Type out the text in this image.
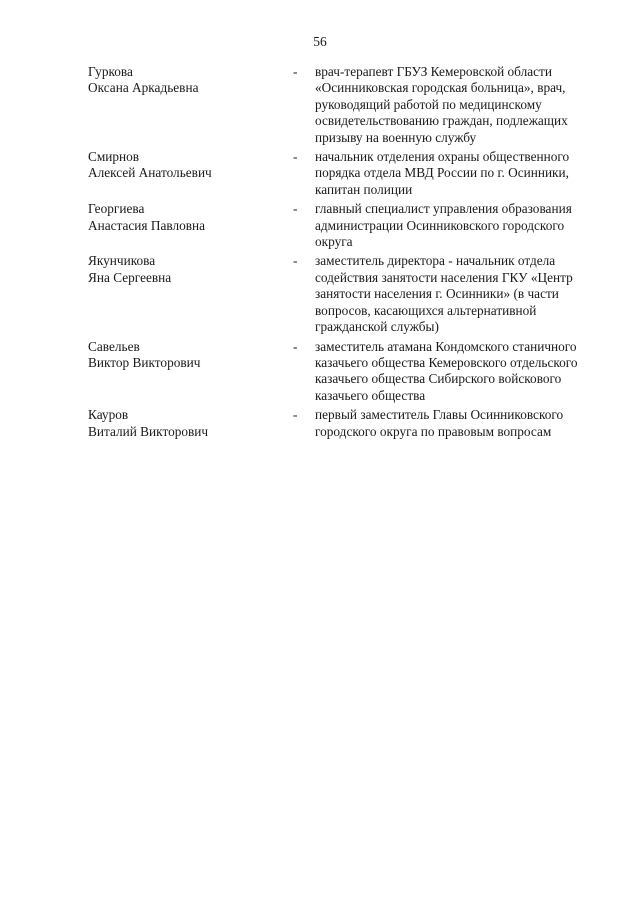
56
Гуркова
Оксана Аркадьевна	-	врач-терапевт ГБУЗ Кемеровской области «Осинниковская городская больница», врач, руководящий работой по медицинскому освидетельствованию граждан, подлежащих призыву на военную службу

Смирнов
Алексей Анатольевич	-	начальник отделения охраны общественного порядка отдела МВД России по г. Осинники, капитан полиции

Георгиева
Анастасия Павловна	-	главный специалист управления образования администрации Осинниковского городского округа

Якунчикова
Яна Сергеевна	-	заместитель директора - начальник отдела содействия занятости населения ГКУ «Центр занятости населения г. Осинники» (в части вопросов, касающихся альтернативной гражданской службы)

Савельев
Виктор Викторович	-	заместитель атамана Кондомского станичного казачьего общества Кемеровского отдельского казачьего общества Сибирского войскового казачьего общества

Кауров
Виталий Викторович	-	первый заместитель Главы Осинниковского городского округа по правовым вопросам
